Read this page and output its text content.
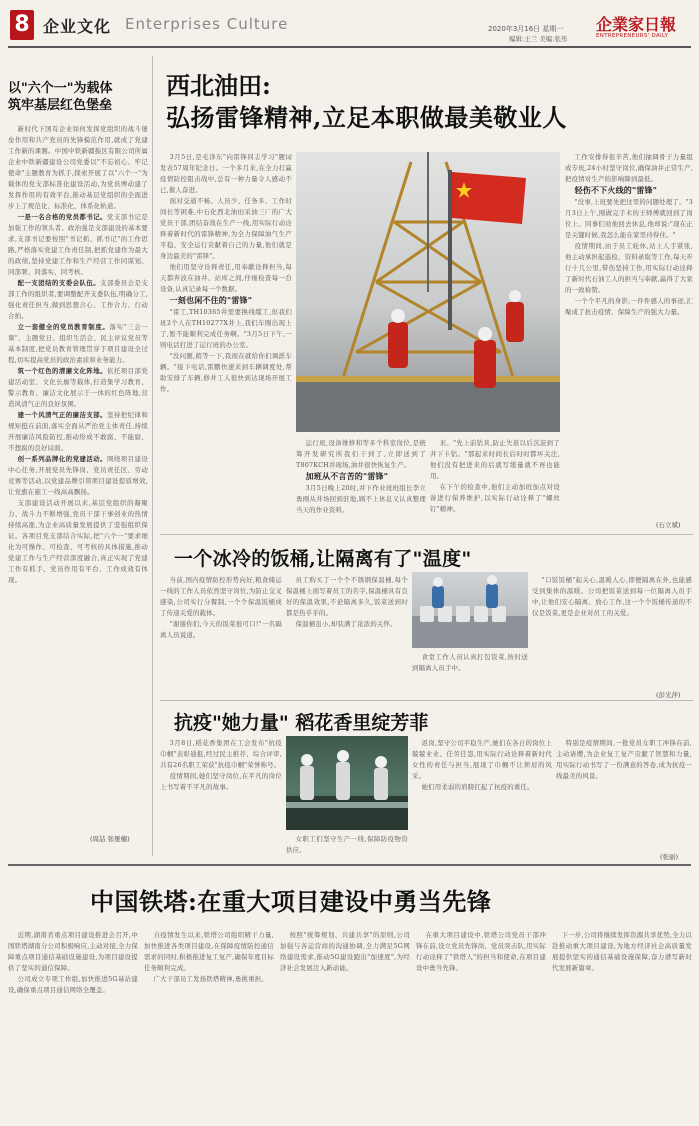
8 企业文化 Enterprises Culture	2020年3月16日 星期一
编辑:王兰 美编:张彤
企業家日報
ENTREPRENEURS' DAILY
以"六个一"为载体
筑牢基层红色堡垒

新时代下国有企业如何发挥党组织的战斗堡垒作用和共产党员的先锋模范作用,就成了党建工作新的课题。中国中铁新疆振区有限公司所属企业中铁新疆建设公司党委以"不忘初心、牢记使命"主题教育为抓手,探索开展了以"六个一"为载体的党支部标准化建设活动,为党员博动建了发挥作用的有效平台,推动基层党组织的全面进步上了规范化、标准化、体系化轨道。

一是一名合格的党员都书记。党支部书记是加强工作的领头者。政治强是支部建设的基本要求,支部书记要按照"书记抓、抓书记"的工作思路,严格落实党建工作责任制,把抓党建作为最大的政绩,坚持党建工作和生产经营工作同谋划、同部署、同落实、同考核。

配一支团结的支委会队伍。支部委员会是支部工作的组织者,要调整配齐支委队伍,明确分工,强化责任担当,做到思想合心、工作合力、行动合拍。

立一套健全的党员教育制度。落实"三会一课"、主题党日、组织生活会、民主评议党员等基本制度,把党员教育管理贯穿于项目建设全过程,切实提高党员的政治素质和业务能力。

筑一个红色的清廉文化阵地。依托项目部党建活动室、文化长廊等载体,打造集学习教育、警示教育、廉洁文化展示于一体的红色阵地,营造风清气正的良好氛围。

建一个风清气正的廉洁支部。坚持把纪律和规矩挺在前面,落实全面从严治党主体责任,持续开展廉洁风险防控,推动形成不敢腐、不能腐、不想腐的良好局面。

创一系列品牌化的党建活动。围绕项目建设中心任务,开展党员先锋岗、党员责任区、劳动竞赛等活动,以党建品牌引领项目建设提质增效,让党旗在施工一线高高飘扬。

支部建设活动开展以来,基层党组织的凝聚力、战斗力不断增强,党员干部干事创业的热情持续高涨,为企业高质量发展提供了坚强组织保证。各项目党支部结合实际,把"六个一"要求细化为可操作、可检查、可考核的具体措施,推动党建工作与生产经营深度融合,真正实现了党建工作有抓手、党员作用有平台、工作成效有体现。

(周喆 张娅楠)
西北油田:
弘扬雷锋精神,立足本职做最美敬业人

3月5日,是毛泽东"向雷锋同志学习"题词发表57周年纪念日。一个多月来,在全力打赢疫情防控阻击战中,总有一种力量令人感动不已,催人奋进。

面对交通不畅、人员少、任务多、工作时间长等困难,中石化西北油田采油三厂的广大党员干部,团结奋战在生产一线,用实际行动诠释着新时代的雷锋精神,为全力保障油气生产平稳、安全运行贡献着自己的力量,他们就是身边最美的"雷锋"。

他们用坚守诠释责任,用奉献诠释担当,每天都奔波在油井、站库之间,仔细检查每一台设备,认真记录每一个数据。

一刻也闲不住的"雷锋"

"雷工,TH10365井需要换线缆工,但我们班2个人在TH10277X井上,我们车刚出现上了,暂不能顺利完成任务啊。"3月5日下午,一则电话打进了运行班的办公室。

"没问题,稍等一下,我现在就给你们调派车辆。"接下电话,雷鹏快速来到车辆调度处,帮助安排了车辆,修井工人很快到达现场开展工作。

运行班,设备维修和等多个科室岗位,是统筹开发研究所我们干到了,立即送到了T807KCH井现场,油井很快恢复生产。

加班从不言苦的"雷锋"

3月5日晚上20时,并下作业班班组长李立勇刚从井场回到驻地,顾不上休息又认真整理当天的作业资料。

来。"先上前钻具,防止失返以后沉淀到了井下卡钻。"那起来时间长后时时都坏关注,他们没有把进来的后就写缓量就不再也能用。

在下午的检查中,他们主动加班加点对设备进行保养维护,以实际行动诠释了"螺丝钉"精神。

工作安排得很辛苦,他们抽调骨干力量组成专班,24小时坚守岗位,确保油井正常生产,把疫情对生产的影响降到最低。

轻伤不下火线的"雷锋"

"没事,上班要先把这里的问题处理了。"3月3日上午,刚做完手术的王师傅就回到了岗位上。同事们劝他回去休息,他却说:"现在正是关键时候,我怎么能在家里待得住。"

疫情期间,由于员工轮休,站上人手紧张,他主动承担起巡检、资料录取等工作,每天步行十几公里,带伤坚持工作,用实际行动诠释了新时代石油工人的担当与奉献,赢得了大家的一致称赞。

一个个平凡的身影,一件件感人的事迹,汇聚成了抗击疫情、保障生产的强大力量。

(石立斌)
一个冰冷的饭桶,让隔离有了"温度"

当前,国内疫情防控形势向好,粮食储运一线的工作人员依然坚守岗位,为防止交叉感染,公司实行分餐制,一个个保温饭桶成了传递关爱的载体。

"谢谢你们,今天的饭菜很可口!"一名隔离人员说道。

员工购买了一个个不锈钢保温桶,每个保温桶上面写着员工的名字,保温桶具有良好的保温效果,不论隔离多久,饭菜送到时都是热乎乎的。

保温桶虽小,却装满了浓浓的关怀。

食堂工作人员认真打包饭菜,按时送到隔离人员手中。

"口饭饭桶"起关心,温暖人心,即便隔离在外,也能感受到集体的温暖。公司把饭菜送到每一位隔离人员手中,让他们安心隔离、放心工作,这一个个饭桶传递的不仅是饭菜,更是企业对员工的关爱。

(彭光萍)
抗疫"她力量" 稻花香里绽芳菲

3月8日,稻花香集团在工会发布"抗疫巾帼"表彰通报,经过民主推荐、综合评审,共有26名职工荣获"抗疫巾帼"荣誉称号。

疫情期间,她们坚守岗位,在平凡的岗位上书写着不平凡的故事。

女职工们坚守生产一线,保障防疫物资供应。

返岗,坚守公司平稳生产,她们在各自的岗位上兢兢业业、任劳任怨,用实际行动诠释着新时代女性的责任与担当,展现了巾帼不让须眉的风采。

她们用柔弱的肩膀扛起了抗疫的重任。

特别是疫情期间,一批党员女职工冲锋在前,主动请缨,为企业复工复产贡献了智慧和力量,用实际行动书写了一份满意的答卷,成为抗疫一线最美的风景。

(张丽)
中国铁塔:在重大项目建设中勇当先锋

近期,湖南省重点项目建设推进会召开,中国铁塔湖南分公司积极响应,主动对接,全力保障重点项目通信基础设施建设,为项目建设提供了坚实的通信保障。

公司成立专项工作组,加快推进5G基站建设,确保重点项目通信网络全覆盖。

自疫情发生以来,铁塔公司组织精干力量,加快推进各类项目建设,在保障疫情防控通信需求的同时,积极推进复工复产,确保年度目标任务顺利完成。

广大干部员工发扬铁塔精神,勇挑重担。

按照"统筹规划、共建共享"的原则,公司加强与各运营商的沟通协调,全力满足5G网络建设需求,推动5G建设跑出"加速度",为经济社会发展注入新动能。

在重大项目建设中,铁塔公司党员干部冲锋在前,设立党员先锋岗、党员突击队,用实际行动诠释了"铁塔人"的担当和使命,在项目建设中勇当先锋。

下一步,公司将继续发挥资源共享优势,全力以赴推动重大项目建设,为地方经济社会高质量发展提供坚实的通信基础设施保障,奋力谱写新时代发展新篇章。
